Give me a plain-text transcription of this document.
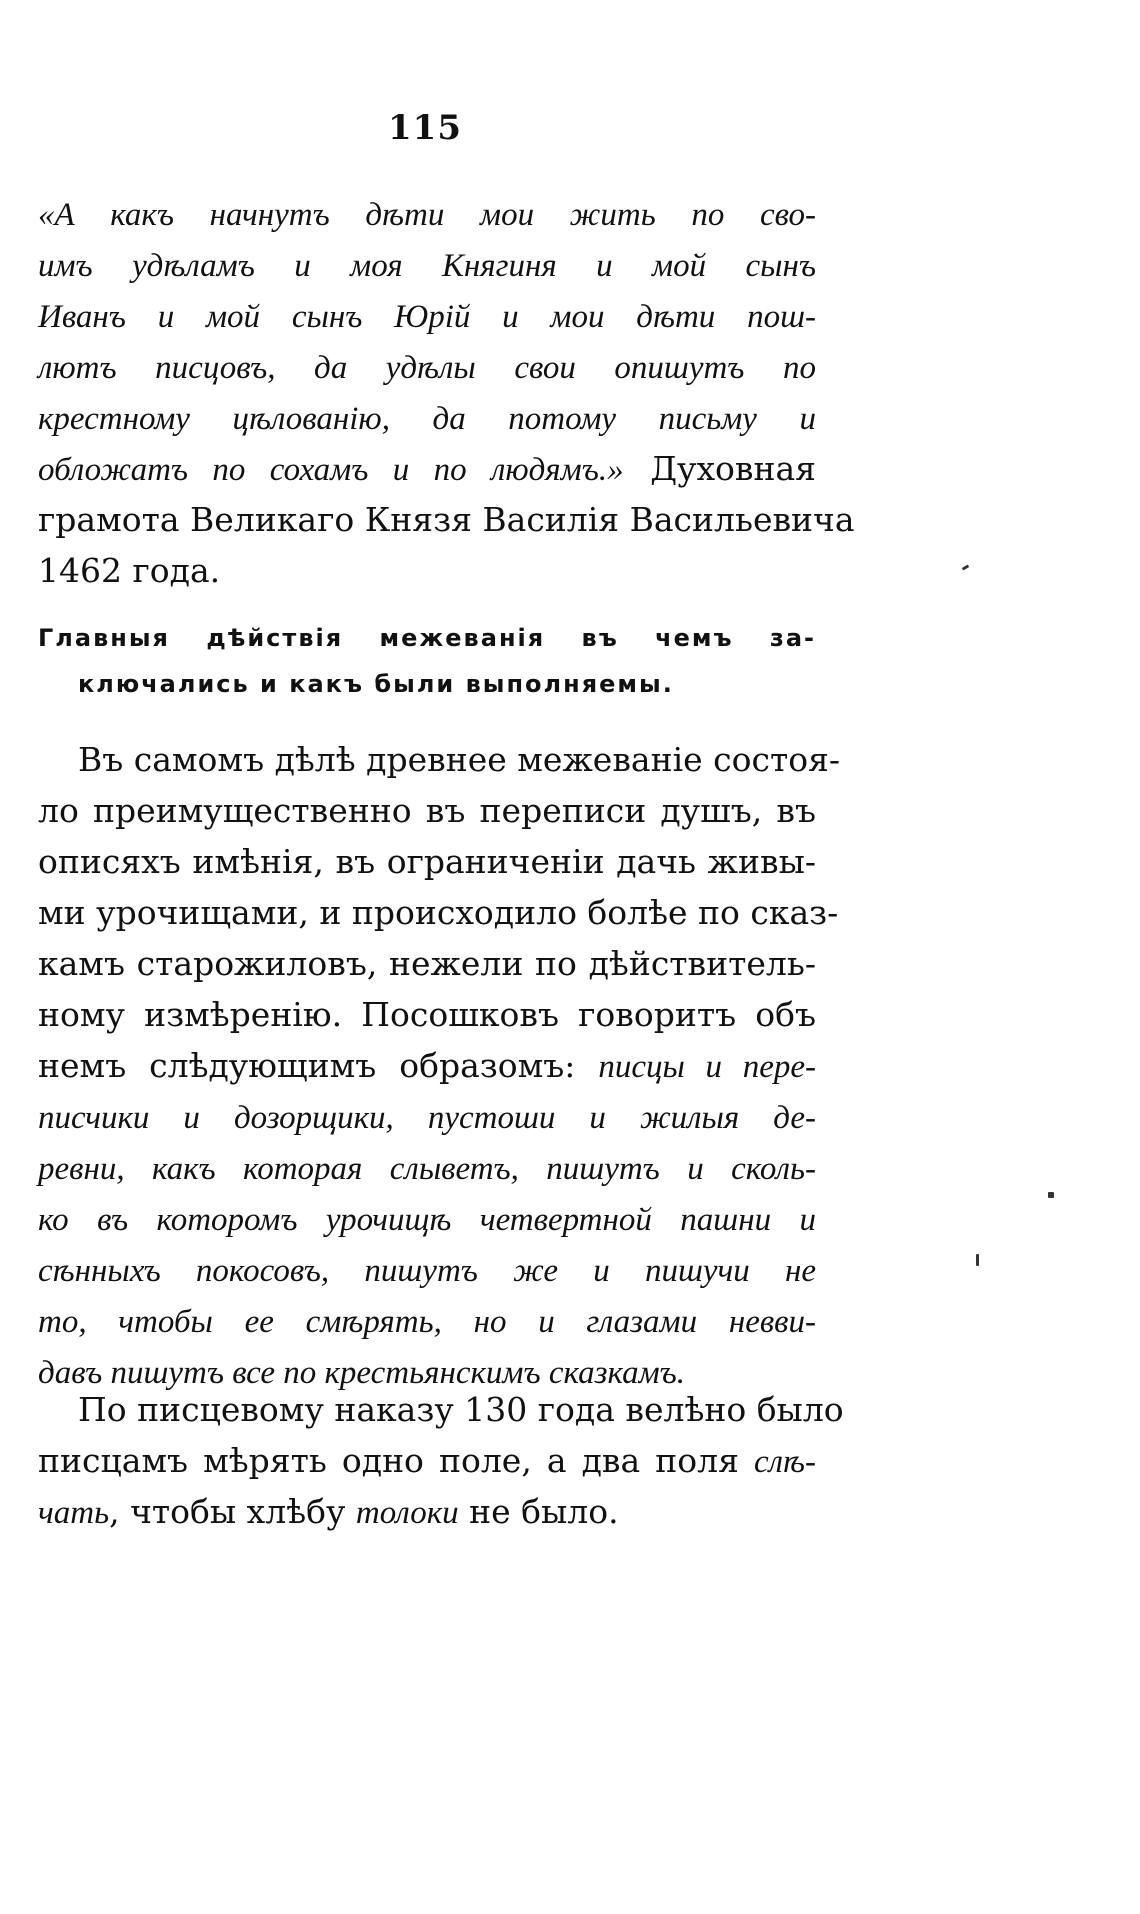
115
«А какъ начнутъ дѣти мои жить по сво-
имъ удѣламъ и моя Княгиня и мой сынъ
Иванъ и мой сынъ Юрій и мои дѣти пош-
лютъ писцовъ, да удѣлы свои опишутъ по
крестному цѣлованію, да потому письму и
обложатъ по сохамъ и по людямъ.» Духовная
грамота Великаго Князя Василія Васильевича
1462 года.
Главныя дѣйствія межеванія въ чемъ за-
ключались и какъ были выполняемы.
Въ самомъ дѣлѣ древнее межеваніе состоя-
ло преимущественно въ переписи душъ, въ
описяхъ имѣнія, въ ограниченіи дачь живы-
ми урочищами, и происходило болѣе по сказ-
камъ старожиловъ, нежели по дѣйствитель-
ному измѣренію. Посошковъ говоритъ объ
немъ слѣдующимъ образомъ: писцы и пере-
писчики и дозорщики, пустоши и жилыя де-
ревни, какъ которая слыветъ, пишутъ и сколь-
ко въ которомъ урочищѣ четвертной пашни и
сѣнныхъ покосовъ, пишутъ же и пишучи не
то, чтобы ее смѣрять, но и глазами невви-
давъ пишутъ все по крестьянскимъ сказкамъ.
По писцевому наказу 130 года велѣно было
писцамъ мѣрять одно поле, а два поля слѣ-
чать, чтобы хлѣбу толоки не было.
